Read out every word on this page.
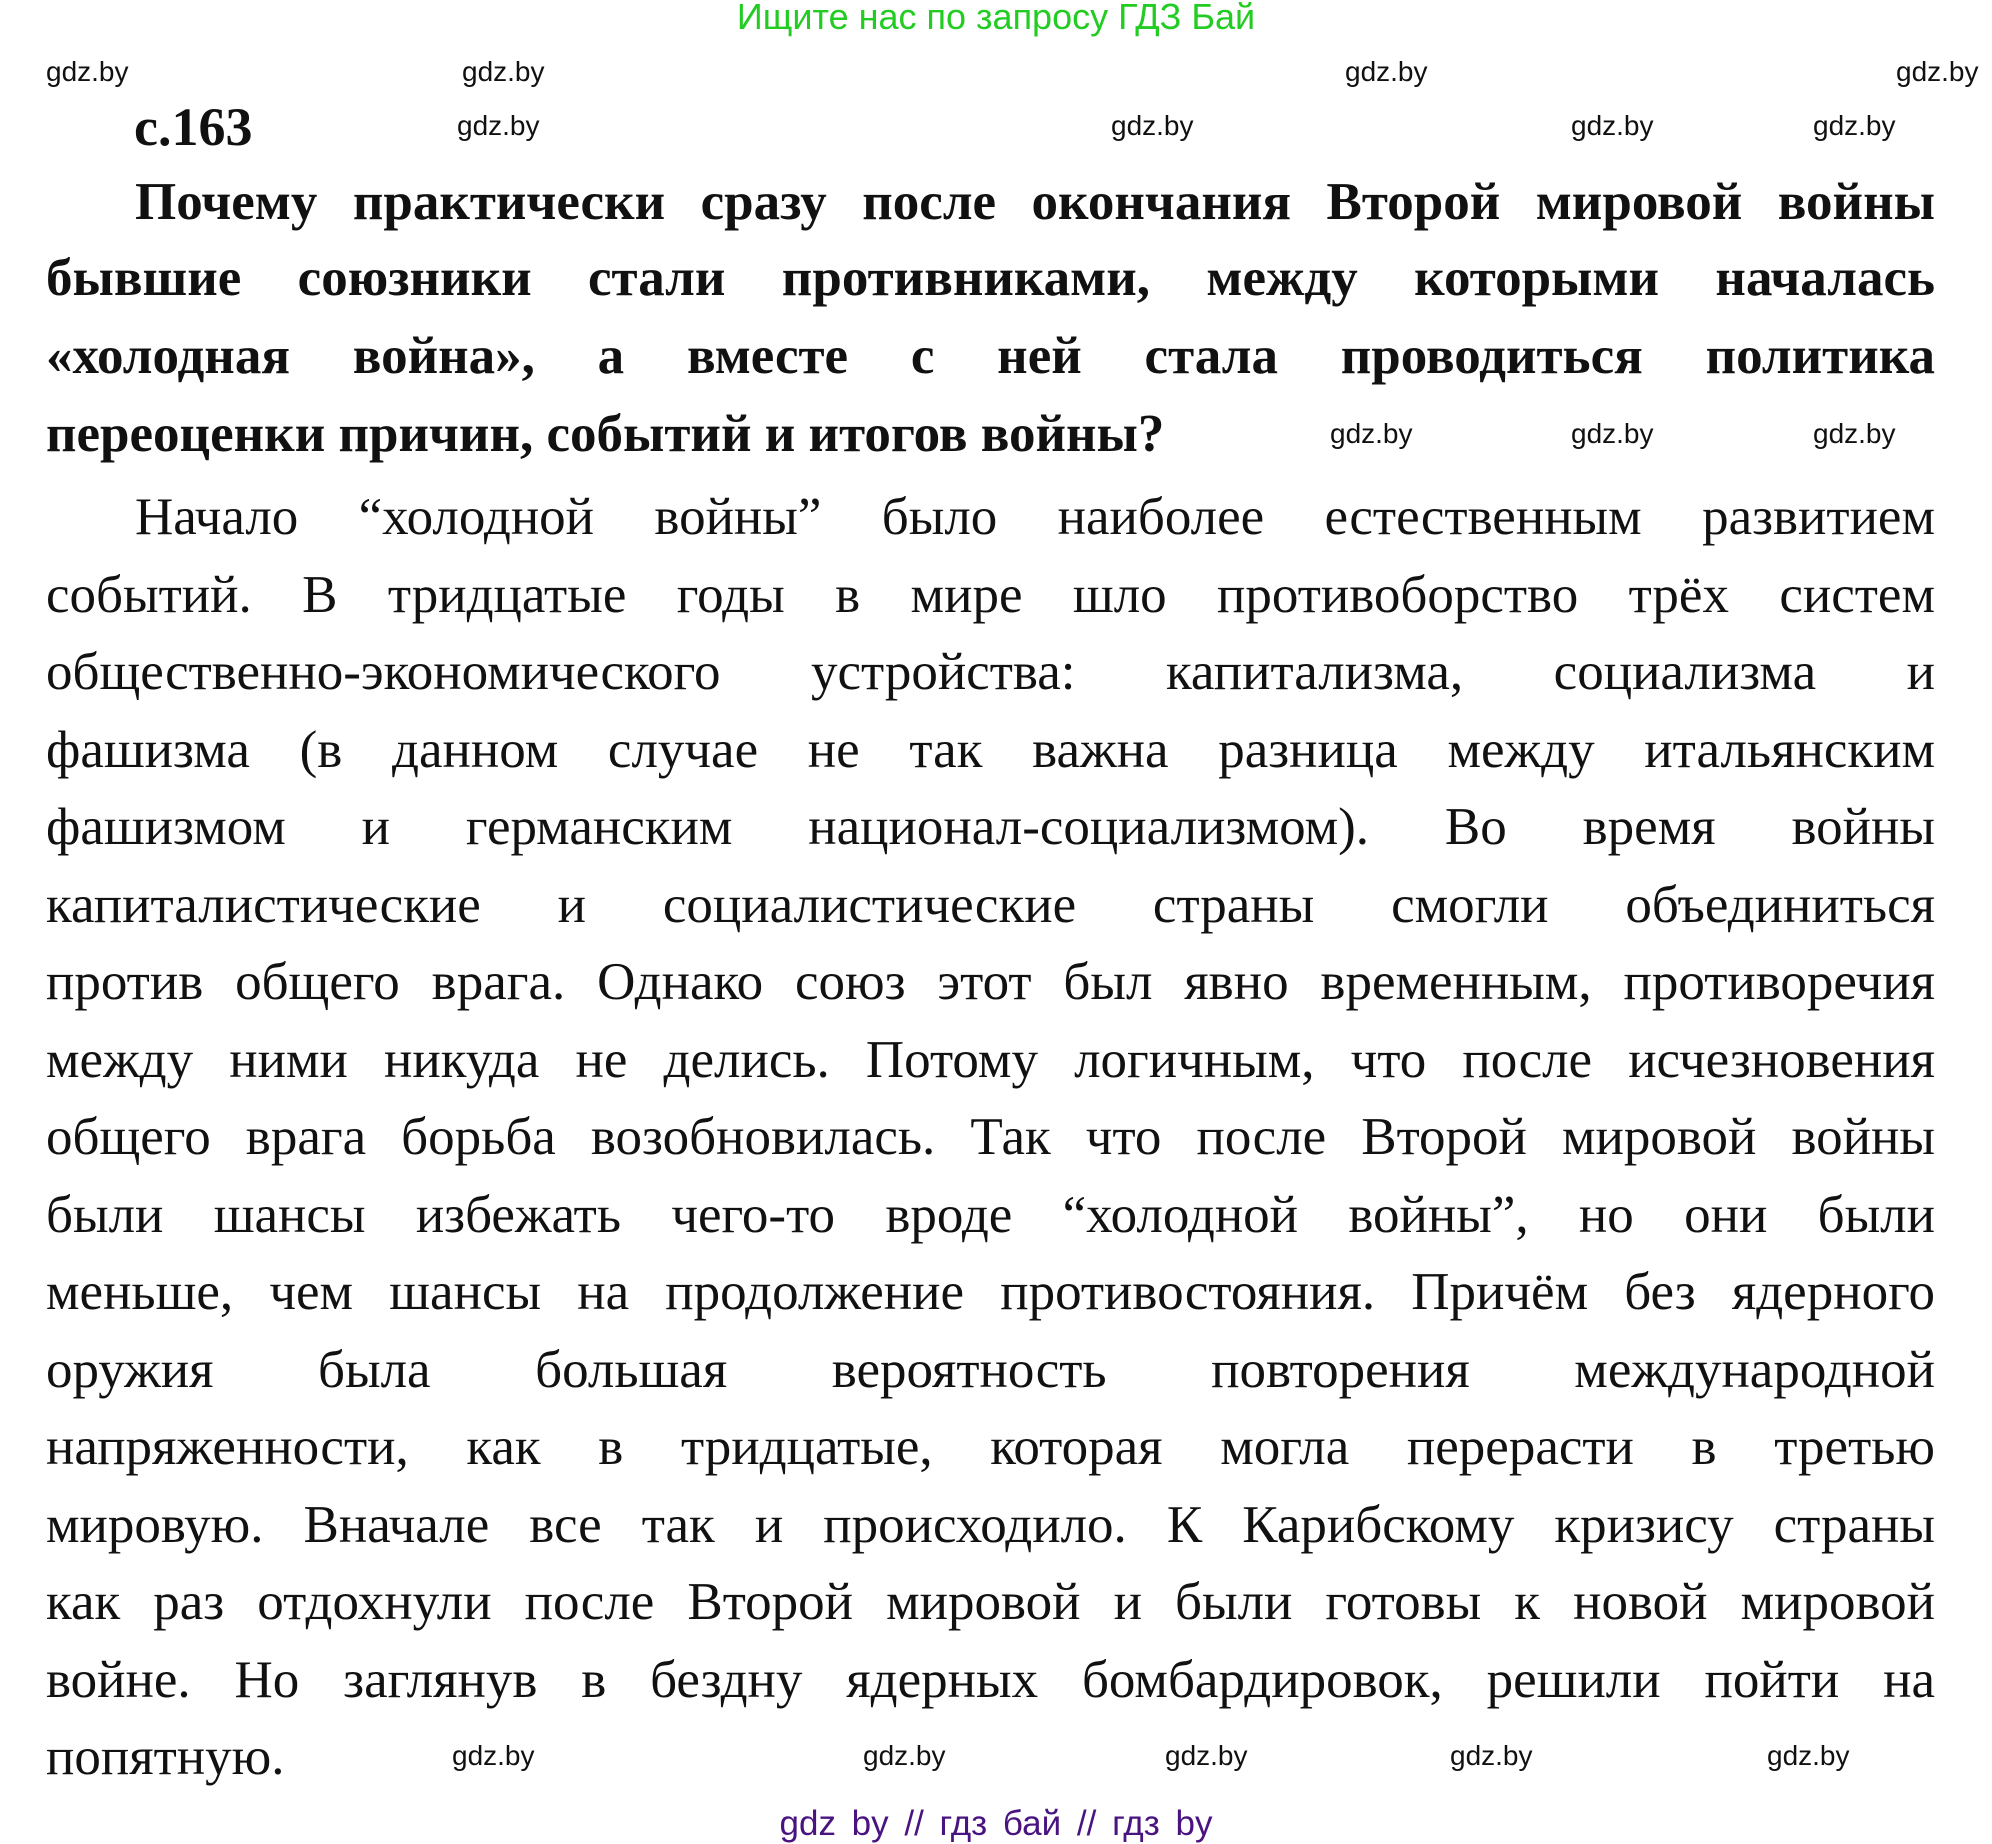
Ищите нас по запросу ГДЗ Бай
с.163
Почему практически сразу после окончания Второй мировой войны
бывшие союзники стали противниками, между которыми началась
«холодная война», а вместе с ней стала проводиться политика
переоценки причин, событий и итогов войны?
Начало “холодной войны” было наиболее естественным развитием
событий. В тридцатые годы в мире шло противоборство трёх систем
общественно-экономического устройства: капитализма, социализма и
фашизма (в данном случае не так важна разница между итальянским
фашизмом и германским национал-социализмом). Во время войны
капиталистические и социалистические страны смогли объединиться
против общего врага. Однако союз этот был явно временным, противоречия
между ними никуда не делись. Потому логичным, что после исчезновения
общего врага борьба возобновилась. Так что после Второй мировой войны
были шансы избежать чего-то вроде “холодной войны”, но они были
меньше, чем шансы на продолжение противостояния. Причём без ядерного
оружия была большая вероятность повторения международной
напряженности, как в тридцатые, которая могла перерасти в третью
мировую. Вначале все так и происходило. К Карибскому кризису страны
как раз отдохнули после Второй мировой и были готовы к новой мировой
войне. Но заглянув в бездну ядерных бомбардировок, решили пойти на
попятную.
gdz.by	gdz.by	gdz.by	gdz.by
gdz.by	gdz.by	gdz.by	gdz.by
gdz.by	gdz.by	gdz.by
gdz.by	gdz.by	gdz.by	gdz.by	gdz.by
gdz by // гдз бай // гдз by
